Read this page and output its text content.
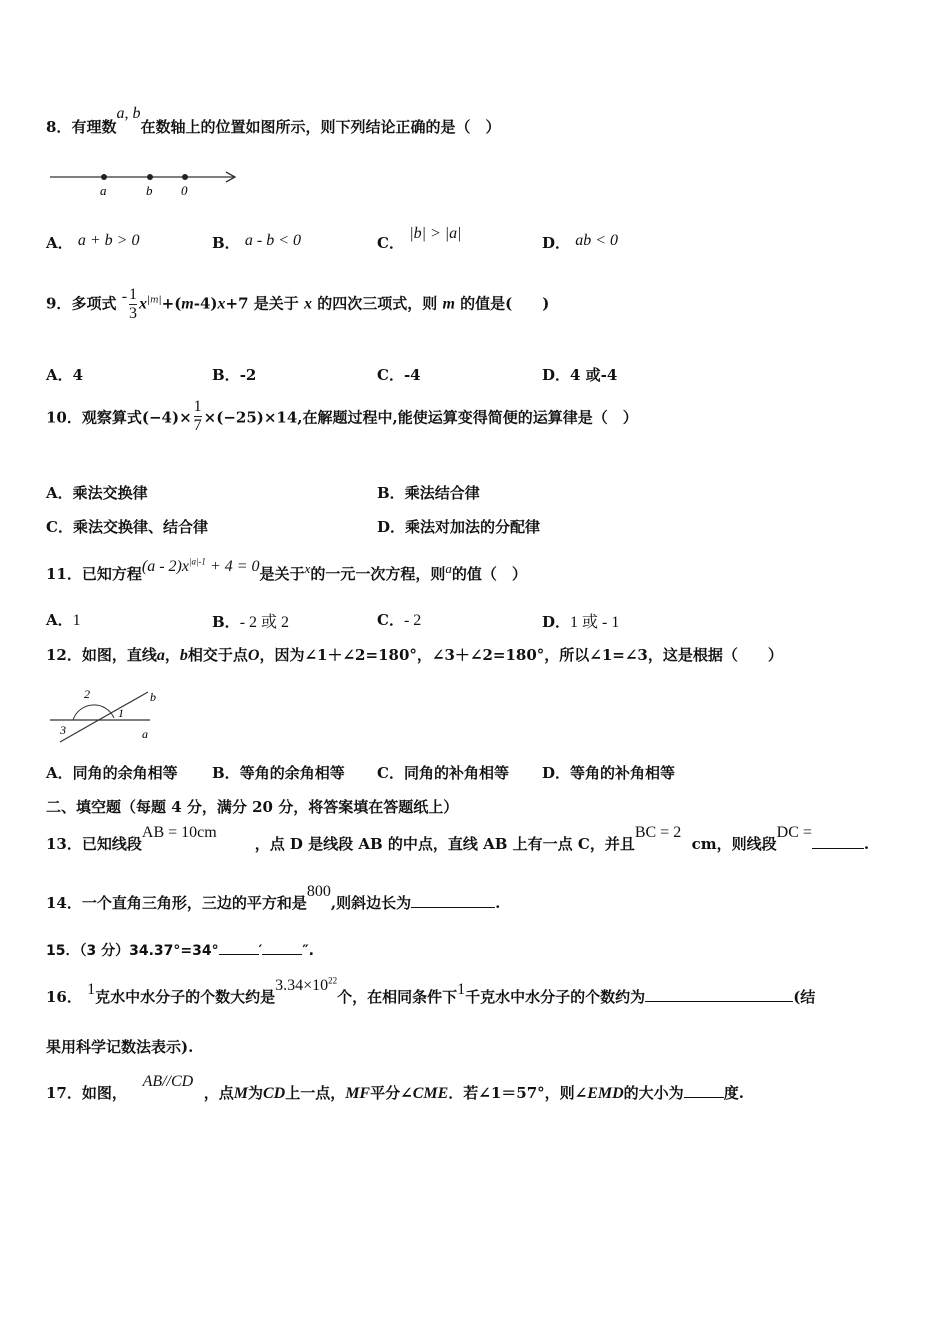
8．有理数a, b在数轴上的位置如图所示，则下列结论正确的是（　）
a	b 0
A． a + b > 0	B． a - b < 0	C． |b| > |a|
D． ab < 0
9．多项式 - $\frac{1}{3} x^{|m|}+(m-4)x+7$ 是关于 x 的四次三项式，则 m 的值是(　　)
A．4	B．-2	C．-4	D．4 或-4
10．观察算式$(-4)\times \frac{1}{7} \times(-25)\times 14$,在解题过程中,能使运算变得简便的运算律是（　）
A．乘法交换律	B．乘法结合律
C．乘法交换律、结合律	D．乘法对加法的分配律
11．已知方程$(a - 2)x^{|a|-1} + 4 = 0$是关于x的一元一次方程，则a的值（　）
A．1	B．- 2 或 2	C．- 2	D．1 或 - 1
12．如图，直线a，b相交于点O，因为∠1＋∠2=180°，∠3＋∠2=180°，所以∠1=∠3，这是根据（　　）
2	b
1
3	a
A．同角的余角相等 B．等角的余角相等 C．同角的补角相等 D．等角的补角相等
二、填空题（每题 4 分，满分 20 分，将答案填在答题纸上）
13．已知线段AB = 10cm，点 D 是线段 AB 的中点，直线 AB 上有一点 C，并且BC = 2  cm，则线段DC =.
14．一个直角三角形，三边的平方和是800,则斜边长为	.
15．（3 分）34.37°=34°	′	″.
16． 1克水中水分子的个数大约是$3.34\times 10^{22}$个，在相同条件下1千克水中水分子的个数约为	(结
果用科学记数法表示).
17．如图，   AB//CD  ，点M为CD上一点，MF平分∠CME．若∠1＝57°，则∠EMD的大小为	度.
